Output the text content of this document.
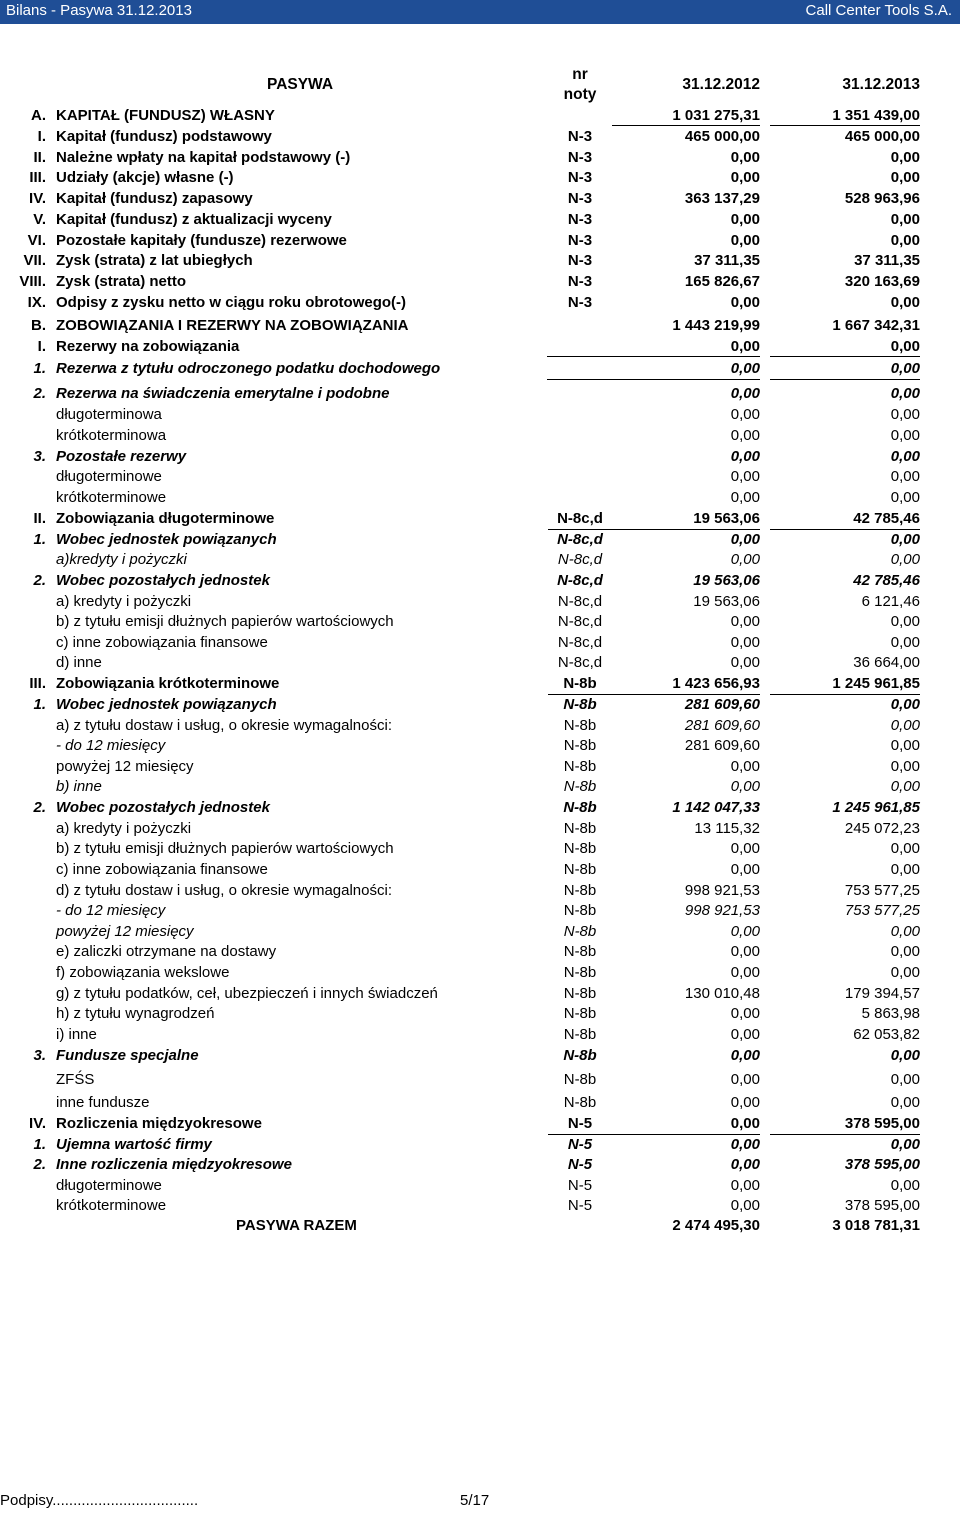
Bilans - Pasywa 31.12.2013	Call Center Tools S.A.
PASYWA
nr
noty
31.12.2012	31.12.2013
A. KAPITAŁ (FUNDUSZ) WŁASNY	1 031 275,31	1 351 439,00
I. Kapitał (fundusz) podstawowy	N-3	465 000,00	465 000,00
II. Należne wpłaty na kapitał podstawowy (-)	N-3	0,00	0,00
III. Udziały (akcje) własne (-)	N-3	0,00	0,00
IV. Kapitał (fundusz) zapasowy	N-3	363 137,29	528 963,96
V. Kapitał (fundusz) z aktualizacji wyceny	N-3	0,00	0,00
VI. Pozostałe kapitały (fundusze) rezerwowe	N-3	0,00	0,00
VII. Zysk (strata) z lat ubiegłych	N-3	37 311,35	37 311,35
VIII. Zysk (strata) netto	N-3	165 826,67	320 163,69
IX. Odpisy z zysku netto w ciągu roku obrotowego(-)	N-3	0,00	0,00
B. ZOBOWIĄZANIA I REZERWY NA ZOBOWIĄZANIA	1 443 219,99	1 667 342,31
I. Rezerwy na zobowiązania	0,00	0,00
1. Rezerwa z tytułu odroczonego podatku dochodowego	0,00	0,00
2. Rezerwa na świadczenia emerytalne i podobne	0,00	0,00
długoterminowa	0,00	0,00
krótkoterminowa	0,00	0,00
3. Pozostałe rezerwy	0,00	0,00
długoterminowe	0,00	0,00
krótkoterminowe	0,00	0,00
II. Zobowiązania długoterminowe	N-8c,d	19 563,06	42 785,46
1. Wobec jednostek powiązanych	N-8c,d	0,00	0,00
a)kredyty i pożyczki	N-8c,d	0,00	0,00
2. Wobec pozostałych jednostek	N-8c,d	19 563,06	42 785,46
a) kredyty i pożyczki	N-8c,d	19 563,06	6 121,46
b) z tytułu emisji dłużnych papierów wartościowych	N-8c,d	0,00	0,00
c) inne zobowiązania finansowe	N-8c,d	0,00	0,00
d) inne	N-8c,d	0,00	36 664,00
III. Zobowiązania krótkoterminowe	N-8b	1 423 656,93	1 245 961,85
1. Wobec jednostek powiązanych	N-8b	281 609,60	0,00
a) z tytułu dostaw i usług, o okresie wymagalności:	N-8b	281 609,60	0,00
- do 12 miesięcy	N-8b	281 609,60	0,00
powyżej 12 miesięcy	N-8b	0,00	0,00
b) inne	N-8b	0,00	0,00
2. Wobec pozostałych jednostek	N-8b	1 142 047,33	1 245 961,85
a) kredyty i pożyczki	N-8b	13 115,32	245 072,23
b) z tytułu emisji dłużnych papierów wartościowych	N-8b	0,00	0,00
c) inne zobowiązania finansowe	N-8b	0,00	0,00
d) z tytułu dostaw i usług, o okresie wymagalności:	N-8b	998 921,53	753 577,25
- do 12 miesięcy	N-8b	998 921,53	753 577,25
powyżej 12 miesięcy	N-8b	0,00	0,00
e) zaliczki otrzymane na dostawy	N-8b	0,00	0,00
f) zobowiązania wekslowe	N-8b	0,00	0,00
g) z tytułu podatków, ceł, ubezpieczeń i innych świadczeń	N-8b	130 010,48	179 394,57
h) z tytułu wynagrodzeń	N-8b	0,00	5 863,98
i) inne	N-8b	0,00	62 053,82
3. Fundusze specjalne	N-8b	0,00	0,00
ZFŚS	N-8b	0,00	0,00
inne fundusze	N-8b	0,00	0,00
IV. Rozliczenia międzyokresowe	N-5	0,00	378 595,00
1. Ujemna wartość firmy	N-5	0,00	0,00
2. Inne rozliczenia międzyokresowe	N-5	0,00	378 595,00
długoterminowe	N-5	0,00	0,00
krótkoterminowe	N-5	0,00	378 595,00
PASYWA RAZEM	2 474 495,30	3 018 781,31
Podpisy...................................	5/17
